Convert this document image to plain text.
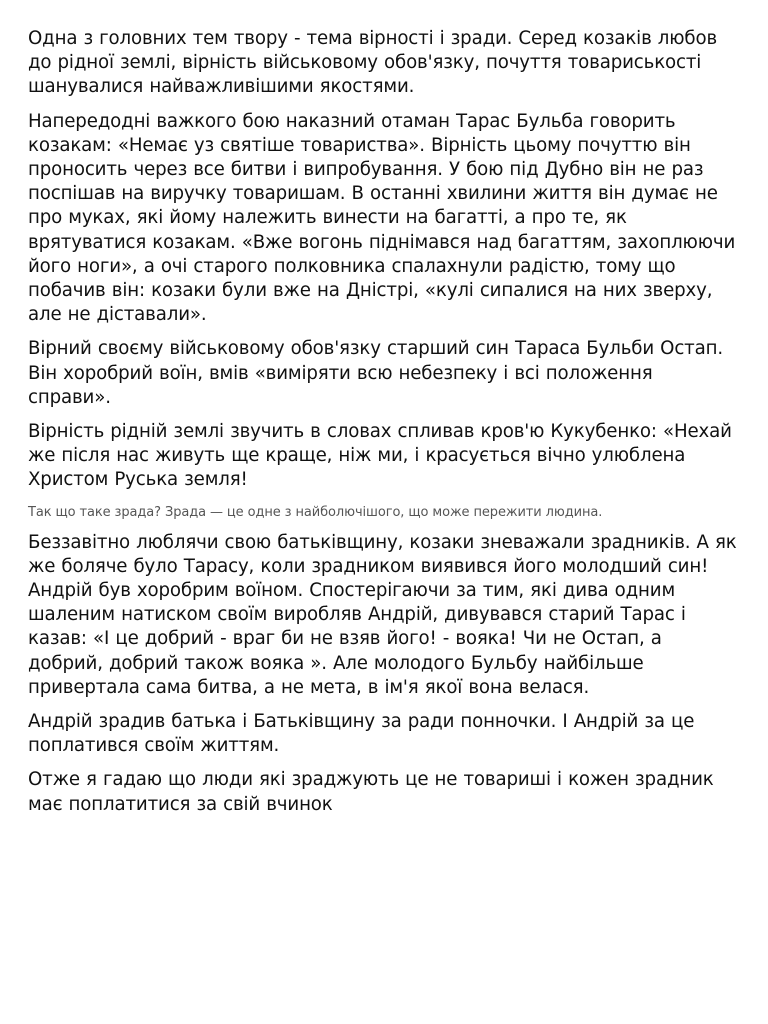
Одна з головних тем твору - тема вірності і зради. Серед козаків любов до рідної землі, вірність військовому обов'язку, почуття товариськості шанувалися найважливішими якостями.

Напередодні важкого бою наказний отаман Тарас Бульба говорить козакам: «Немає уз святіше товариства». Вірність цьому почуттю він проносить через все битви і випробування. У бою під Дубно він не раз поспішав на виручку товаришам. В останні хвилини життя він думає не про муках, які йому належить винести на багатті, а про те, як врятуватися козакам. «Вже вогонь піднімався над багаттям, захоплюючи його ноги», а очі старого полковника спалахнули радістю, тому що побачив він: козаки були вже на Дністрі, «кулі сипалися на них зверху, але не діставали».

Вірний своєму військовому обов'язку старший син Тараса Бульби Остап. Він хоробрий воїн, вмів «виміряти всю небезпеку і всі положення справи».

Вірність рідній землі звучить в словах спливав кров'ю Кукубенко: «Нехай же після нас живуть ще краще, ніж ми, і красується вічно улюблена Христом Руська земля!

Так що таке зрада? Зрада — це одне з найболючішого, що може пережити людина.

Беззавітно люблячи свою батьківщину, козаки зневажали зрадників. А як же боляче було Тарасу, коли зрадником виявився його молодший син! Андрій був хоробрим воїном. Спостерігаючи за тим, які дива одним шаленим натиском своїм виробляв Андрій, дивувався старий Тарас і казав: «І це добрий - враг би не взяв його! - вояка! Чи не Остап, а добрий, добрий також вояка ». Але молодого Бульбу найбільше привертала сама битва, а не мета, в ім'я якої вона велася.

Андрій зрадив батька і Батьківщину за ради понночки. І Андрій за це поплатився своїм життям.

Отже я гадаю що люди які зраджують це не товариші і кожен зрадник має поплатитися за свій вчинок
